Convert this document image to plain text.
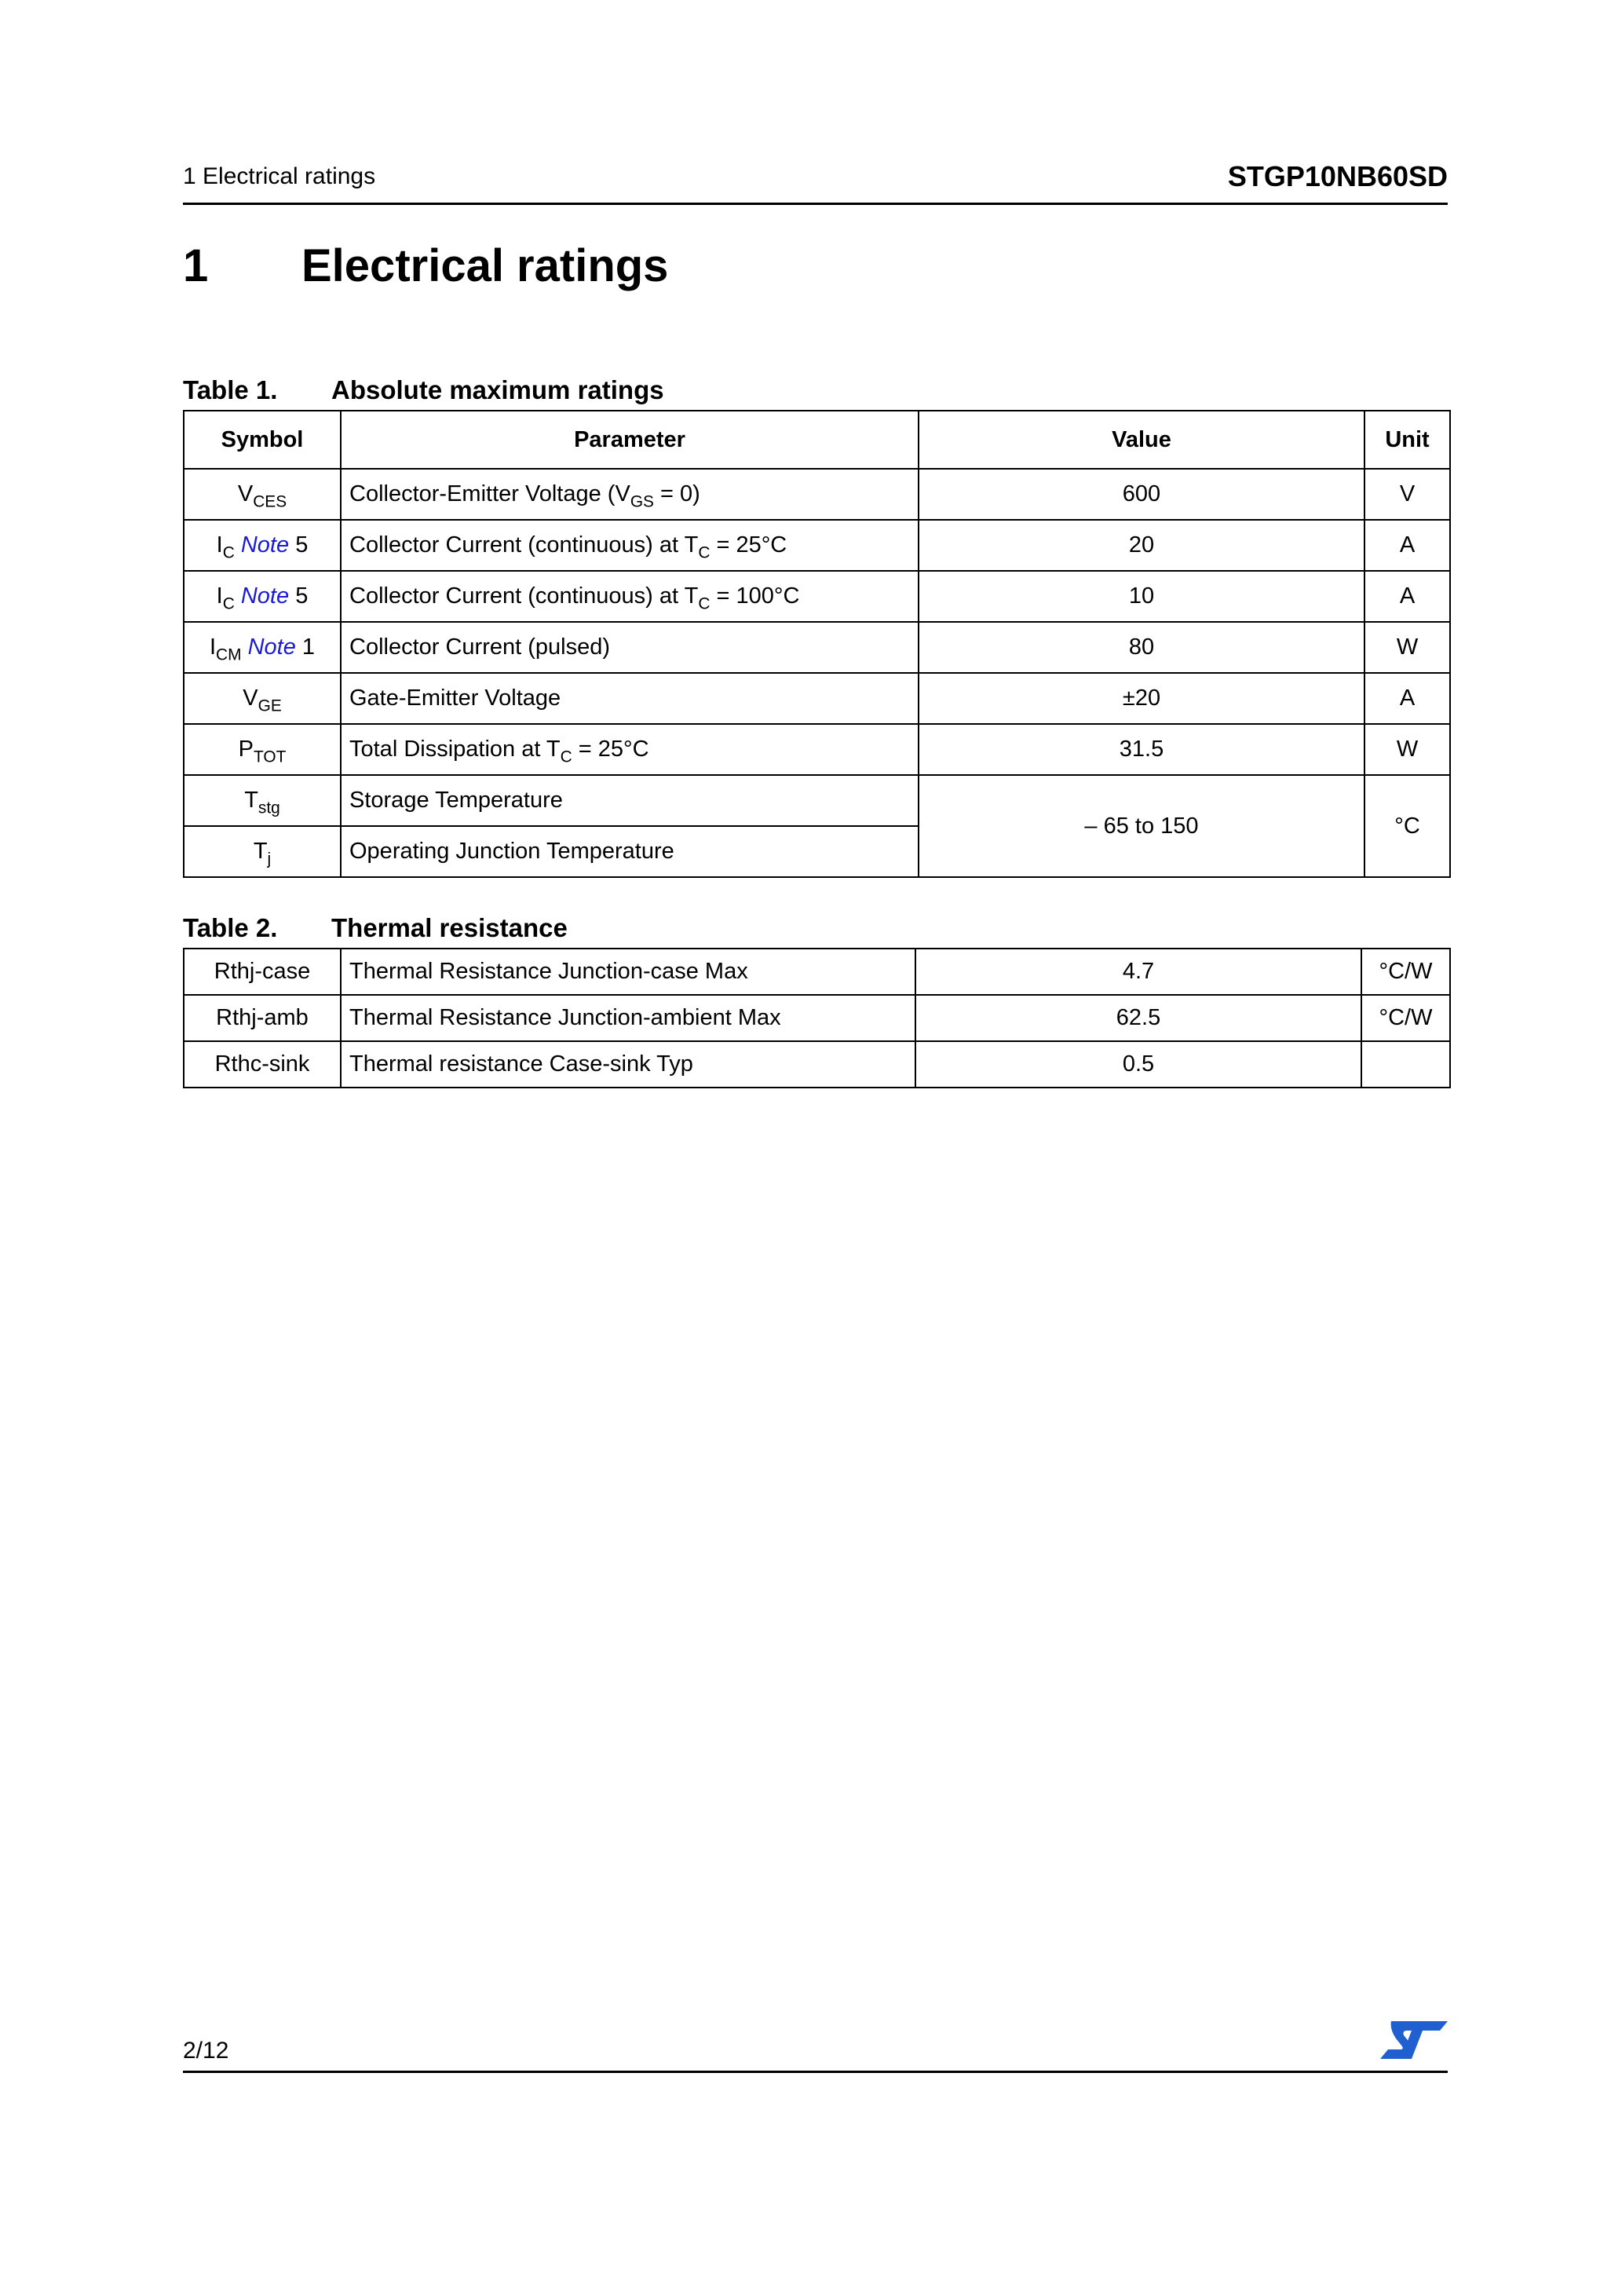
1 Electrical ratings	STGP10NB60SD
1 Electrical ratings
Table 1. Absolute maximum ratings
Symbol	Parameter	Value	Unit
$V_{CES}$	Collector-Emitter Voltage $(V_{GS} = 0)$	600	V
$I_C$ Note 5	Collector Current (continuous) at $T_C = 25^\circ C$	20	A
$I_C$ Note 5	Collector Current (continuous) at $T_C = 100^\circ C$	10	A
$I_{CM}$ Note 1	Collector Current (pulsed)	80	W
$V_{GE}$	Gate-Emitter Voltage	±20	A
$P_{TOT}$	Total Dissipation at $T_C = 25^\circ C$	31.5	W
$T_{stg}$	Storage Temperature	– 65 to 150	°C
$T_j$	Operating Junction Temperature		
Table 2. Thermal resistance
Rthj-case	Thermal Resistance Junction-case Max	4.7	°C/W
Rthj-amb	Thermal Resistance Junction-ambient Max	62.5	°C/W
Rthc-sink	Thermal resistance Case-sink Typ	0.5	
2/12
